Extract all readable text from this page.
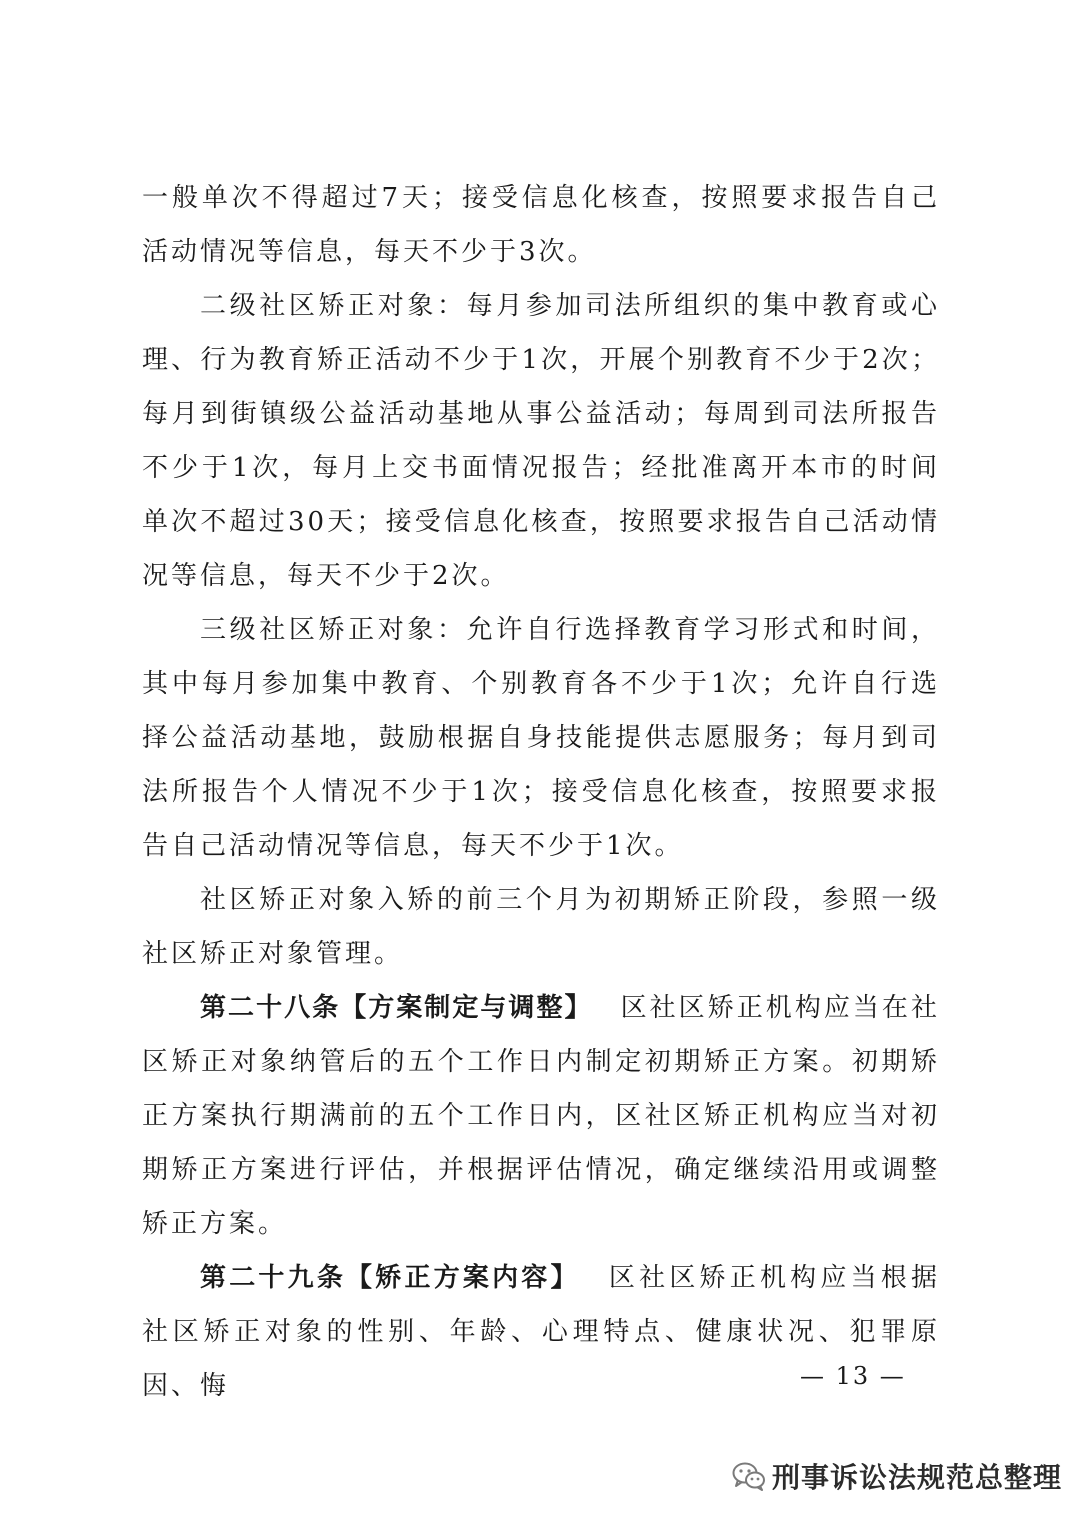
一般单次不得超过7天；接受信息化核查，按照要求报告自己活动情况等信息，每天不少于3次。

二级社区矫正对象：每月参加司法所组织的集中教育或心理、行为教育矫正活动不少于1次，开展个别教育不少于2次；每月到街镇级公益活动基地从事公益活动；每周到司法所报告不少于1次，每月上交书面情况报告；经批准离开本市的时间单次不超过30天；接受信息化核查，按照要求报告自己活动情况等信息，每天不少于2次。

三级社区矫正对象：允许自行选择教育学习形式和时间，其中每月参加集中教育、个别教育各不少于1次；允许自行选择公益活动基地，鼓励根据自身技能提供志愿服务；每月到司法所报告个人情况不少于1次；接受信息化核查，按照要求报告自己活动情况等信息，每天不少于1次。

社区矫正对象入矫的前三个月为初期矫正阶段，参照一级社区矫正对象管理。

第二十八条【方案制定与调整】 区社区矫正机构应当在社区矫正对象纳管后的五个工作日内制定初期矫正方案。初期矫正方案执行期满前的五个工作日内，区社区矫正机构应当对初期矫正方案进行评估，并根据评估情况，确定继续沿用或调整矫正方案。

第二十九条【矫正方案内容】 区社区矫正机构应当根据社区矫正对象的性别、年龄、心理特点、健康状况、犯罪原因、悔	— 13 —
刑事诉讼法规范总整理
